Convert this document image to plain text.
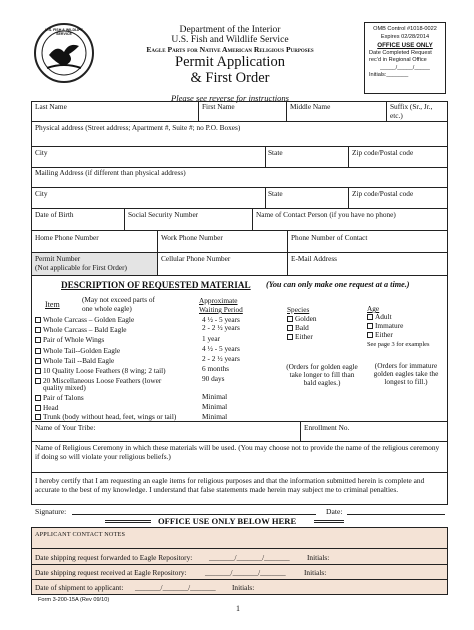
U.S. FISH & WILDLIFE SERVICE	Department of the Interior
U.S. Fish and Wildlife Service
Eagle Parts for Native American Religious Purposes
Permit Application
& First Order
OMB Control #1018-0022
Expires 02/28/2014
OFFICE USE ONLY
Date Completed Request rec’d in Regional Office
_____/_____/_____
Initials:_______
Please see reverse for instructions
Last Name	First Name	Middle Name	Suffix (Sr., Jr., etc.)
Physical address (Street address; Apartment #, Suite #; no P.O. Boxes)
City	State	Zip code/Postal code
Mailing Address (if different than physical address)
City	State	Zip code/Postal code
Date of Birth	Social Security Number	Name of Contact Person (if you have no phone)
Home Phone Number	Work Phone Number	Phone Number of Contact
Permit Number
(Not applicable for First Order)
Cellular Phone Number	E-Mail Address
DESCRIPTION OF REQUESTED MATERIAL (You can only make one request at a time.)
Item
(May not exceed parts of
one whole eagle)
Approximate
Waiting Period
Whole Carcass – Golden Eagle	4 ½ - 5 years
Whole Carcass – Bald Eagle	2 - 2 ½ years
Pair of Whole Wings	1 year
Whole Tail--Golden Eagle	4 ½ - 5 years
Whole Tail --Bald Eagle	2 - 2 ½ years
10 Quality Loose Feathers (8 wing; 2 tail)	6 months
20 Miscellaneous Loose Feathers (lower
quality mixed)
90 days
Pair of Talons	Minimal
Head	Minimal
Trunk (body without head, feet, wings or tail)	Minimal
Species
Golden
Bald
Either
(Orders for golden eagle take longer to fill than bald eagles.)
Age
Adult
Immature
Either
See page 3 for examples
(Orders for immature golden eagles take the longest to fill.)
Name of Your Tribe:	Enrollment No.
Name of Religious Ceremony in which these materials will be used. (You may choose not to provide the name of the religious ceremony if doing so will violate your religious beliefs.)
I hereby certify that I am requesting an eagle items for religious purposes and that the information submitted herein is complete and accurate to the best of my knowledge. I understand that false statements made herein may subject me to criminal penalties.
Signature:	Date:
OFFICE USE ONLY BELOW HERE
APPLICANT CONTACT NOTES
Date shipping request forwarded to Eagle Repository: _______/_______/_______ Initials:
Date shipping request received at Eagle Repository:	_______/_______/_______	Initials:
Date of shipment to applicant: _______/_______/_______ Initials:
Form 3-200-15A (Rev 09/10)
1
